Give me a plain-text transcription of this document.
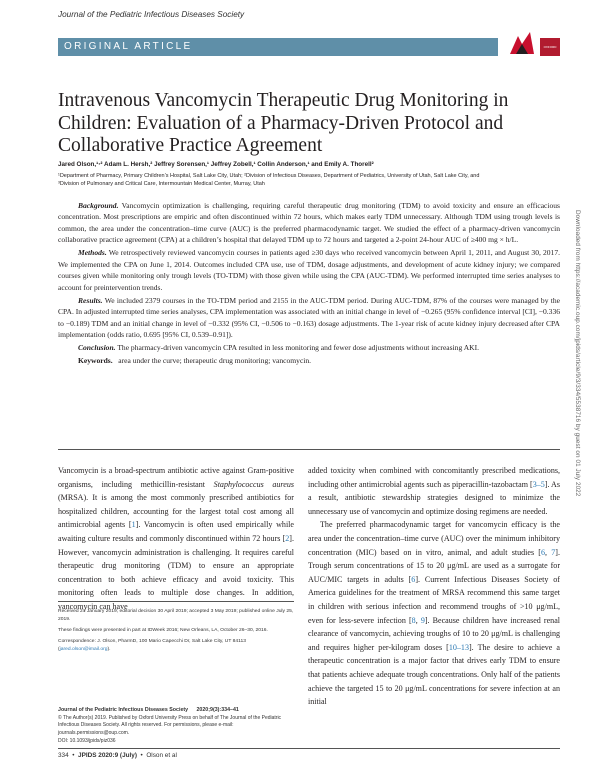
Journal of the Pediatric Infectious Diseases Society
ORIGINAL ARTICLE	OXFORD
Intravenous Vancomycin Therapeutic Drug Monitoring in Children: Evaluation of a Pharmacy-Driven Protocol and Collaborative Practice Agreement
Jared Olson,¹‧² Adam L. Hersh,² Jeffrey Sorensen,¹ Jeffrey Zobell,¹ Collin Anderson,¹ and Emily A. Thorell²
¹Department of Pharmacy, Primary Children’s Hospital, Salt Lake City, Utah; ²Division of Infectious Diseases, Department of Pediatrics, University of Utah, Salt Lake City, and
³Division of Pulmonary and Critical Care, Intermountain Medical Center, Murray, Utah

Background. Vancomycin optimization is challenging, requiring careful therapeutic drug monitoring (TDM) to avoid toxicity and ensure an efficacious concentration. Most prescriptions are empiric and often discontinued within 72 hours, which makes early TDM unnecessary. Although TDM using trough levels is common, the area under the concentration–time curve (AUC) is the preferred pharmacodynamic target. We studied the effect of a pharmacy-driven vancomycin collaborative practice agreement (CPA) at a children’s hospital that delayed TDM up to 72 hours and targeted a 2-point 24-hour AUC of ≥400 mg × h/L.

Methods. We retrospectively reviewed vancomycin courses in patients aged ≥30 days who received vancomycin between April 1, 2011, and August 30, 2017. We implemented the CPA on June 1, 2014. Outcomes included CPA use, use of TDM, dosage adjustments, and development of acute kidney injury; we compared courses given while monitoring only trough levels (TO-TDM) with those given while using the CPA (AUC-TDM). We performed interrupted time series analyses to account for preintervention trends.

Results. We included 2379 courses in the TO-TDM period and 2155 in the AUC-TDM period. During AUC-TDM, 87% of the courses were managed by the CPA. In adjusted interrupted time series analyses, CPA implementation was associated with an initial change in level of −0.265 (95% confidence interval [CI], −0.336 to −0.189) TDM and an initial change in level of −0.332 (95% CI, −0.506 to −0.163) dosage adjustments. The 1-year risk of acute kidney injury decreased after CPA implementation (odds ratio, 0.695 [95% CI, 0.539–0.91]).

Conclusion. The pharmacy-driven vancomycin CPA resulted in less monitoring and fewer dose adjustments without increasing AKI.

Keywords. area under the curve; therapeutic drug monitoring; vancomycin.

Vancomycin is a broad-spectrum antibiotic active against Gram-positive organisms, including methicillin-resistant Staphylococcus aureus (MRSA). It is among the most commonly prescribed antibiotics for hospitalized children, accounting for the largest total cost among all antimicrobial agents [1]. Vancomycin is often used empirically while awaiting culture results and commonly discontinued within 72 hours [2]. However, vancomycin administration is challenging. It requires careful therapeutic drug monitoring (TDM) to ensure an appropriate concentration to both achieve efficacy and avoid toxicity. This monitoring often leads to multiple dose changes. In addition, vancomycin can have

added toxicity when combined with concomitantly prescribed medications, including other antimicrobial agents such as piperacillin-tazobactam [3–5]. As a result, antibiotic stewardship strategies designed to minimize the unnecessary use of vancomycin and optimize dosing regimens are needed.

The preferred pharmacodynamic target for vancomycin efficacy is the area under the concentration–time curve (AUC) over the minimum inhibitory concentration (MIC) based on in vitro, animal, and adult studies [6, 7]. Trough serum concentrations of 15 to 20 μg/mL are used as a surrogate for AUC/MIC targets in adults [6]. Current Infectious Diseases Society of America guidelines for the treatment of MRSA recommend this same target in children with serious infection and recommend troughs of >10 μg/mL, even for less-severe infection [8, 9]. Because children have increased renal clearance of vancomycin, achieving troughs of 10 to 20 μg/mL is challenging and requires higher per-kilogram doses [10–13]. The desire to achieve a therapeutic concentration is a major factor that drives early TDM to ensure that patients achieve adequate trough concentrations. Only half of the patients achieve the targeted 15 to 20 μg/mL concentrations for severe infection at an initial

Downloaded from https://academic.oup.com/jpids/article/9/3/334/5538716 by guest on 01 July 2022

Received 21 January 2019; editorial decision 30 April 2019; accepted 3 May 2019; published online July 25, 2019.

These findings were presented in part at IDWeek 2016; New Orleans, LA, October 26–30, 2016.

Correspondence: J. Olson, PharmD, 100 Mario Capecchi Dr, Salt Lake City, UT 84113 (jared.olson@imail.org).

Journal of the Pediatric Infectious Diseases Society 2020;9(3):334–41
© The Author(s) 2019. Published by Oxford University Press on behalf of The Journal of the Pediatric Infectious Diseases Society. All rights reserved. For permissions, please e-mail: journals.permissions@oup.com.
DOI: 10.1093/jpids/piz036
334  •  JPIDS 2020:9 (July)  •  Olson et al
